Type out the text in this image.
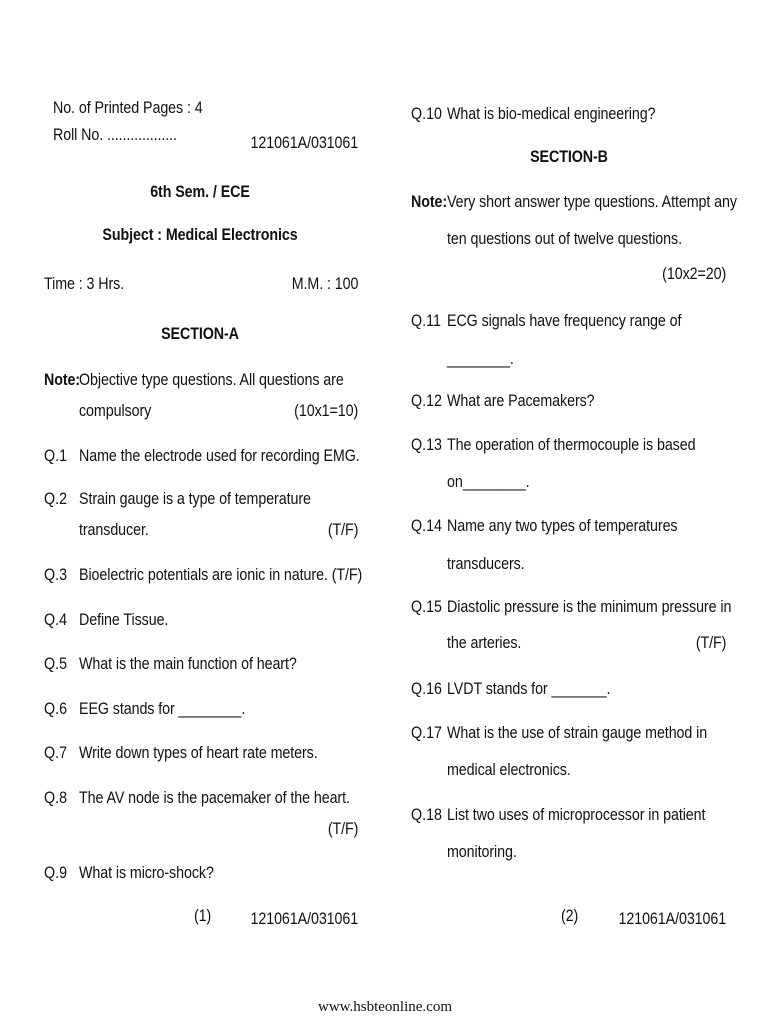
No. of Printed Pages : 4
Roll No. ..................	121061A/031061
6th Sem. / ECE
Subject : Medical Electronics
Time : 3 Hrs.	M.M. : 100
SECTION-A
Note:
Objective type questions. All questions are
compulsory	(10x1=10)
Q.1 Name the electrode used for recording EMG.
Q.2 Strain gauge is a type of temperature
transducer.	(T/F)
Q.3 Bioelectric potentials are ionic in nature. (T/F)
Q.4 Define Tissue.
Q.5 What is the main function of heart?
Q.6 EEG stands for ________.
Q.7 Write down types of heart rate meters.
Q.8 The AV node is the pacemaker of the heart.
(T/F)
Q.9 What is micro-shock?
(1) 121061A/031061
Q.10 What is bio-medical engineering?
SECTION-B
Note: Very short answer type questions. Attempt any
ten questions out of twelve questions.
(10x2=20)
Q.11 ECG signals have frequency range of
________.
Q.12 What are Pacemakers?
Q.13 The operation of thermocouple is based
on________.
Q.14 Name any two types of temperatures
transducers.
Q.15 Diastolic pressure is the minimum pressure in
the arteries.	(T/F)
Q.16 LVDT stands for _______.
Q.17 What is the use of strain gauge method in
medical electronics.
Q.18 List two uses of microprocessor in patient
monitoring.
(2) 121061A/031061
www.hsbteonline.com
